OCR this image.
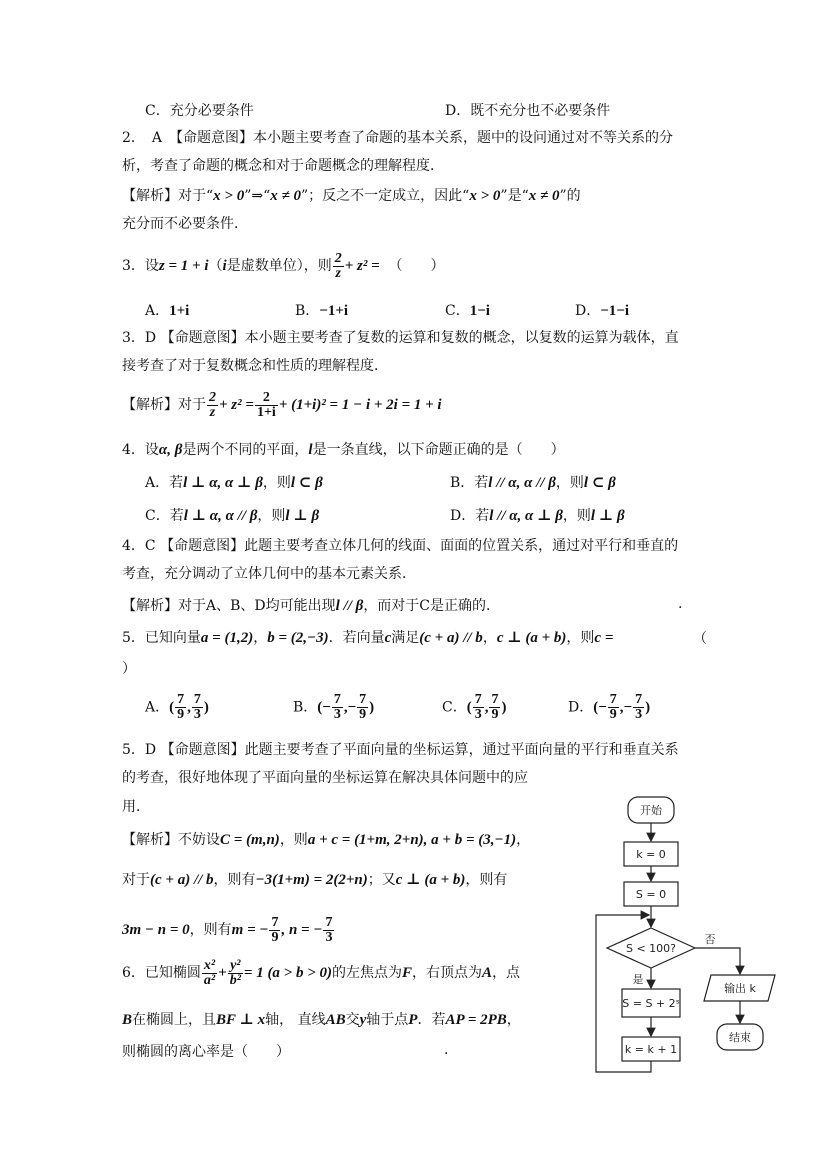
C．充分必要条件	D．既不充分也不必要条件
2．　A　【命题意图】本小题主要考查了命题的基本关系，题中的设问通过对不等关系的分
析，考查了命题的概念和对于命题概念的理解程度．
【解析】对于“x > 0”⇒“x ≠ 0”；反之不一定成立，因此“x > 0”是“x ≠ 0”的
充分而不必要条件．
3．设z = 1 + i（i是虚数单位），则 $\frac{2}{z} + z^2$ = （　　）
A．1+i	B．−1+i	C．1−i	D．−1−i
3．D 【命题意图】本小题主要考查了复数的运算和复数的概念，以复数的运算为载体，直
接考查了对于复数概念和性质的理解程度．
【解析】对于 $\frac{2}{z} + z^2 = \frac{2}{1+i} + (1+i)^2 = 1 - i + 2i = 1 + i$
4．设α, β是两个不同的平面，l是一条直线，以下命题正确的是（　　）
A．若l ⊥ α, α ⊥ β，则l ⊂ β	B．若l // α, α // β，则l ⊂ β
C．若l ⊥ α, α // β，则l ⊥ β	D．若l // α, α ⊥ β，则l ⊥ β
4．C 【命题意图】此题主要考查立体几何的线面、面面的位置关系，通过对平行和垂直的
考查，充分调动了立体几何中的基本元素关系．
【解析】对于A、B、D均可能出现l // β，而对于C是正确的．	.
5．已知向量a = (1,2)，b = (2,−3)．若向量c满足(c + a) // b，c ⊥ (a + b)，则c =	（
）
A．( $\frac{7}{9}$ , $\frac{7}{3}$ )	B．(− $\frac{7}{3}$ ,− $\frac{7}{9}$ )	C．( $\frac{7}{3}$ , $\frac{7}{9}$ )	D．(− $\frac{7}{9}$ ,− $\frac{7}{3}$ )
5．D 【命题意图】此题主要考查了平面向量的坐标运算，通过平面向量的平行和垂直关系
的考查，很好地体现了平面向量的坐标运算在解决具体问题中的应
用．
【解析】不妨设C = (m,n)，则a + c = (1+m, 2+n), a + b = (3,−1)，
对于(c + a) // b，则有−3(1+m) = 2(2+n)；又c ⊥ (a + b)，则有
3m − n = 0，则有m = − $\frac{7}{9}$ , n = − $\frac{7}{3}$
6．已知椭圆 $\frac{\text{x²}}{\text{a²}} + \frac{\text{y²}}{\text{b²}} = 1$ (a > b > 0)的左焦点为F，右顶点为A，点
B在椭圆上，且BF ⊥ x轴， 直线AB交y轴于点P．若AP = 2PB，
则椭圆的离心率是（　　）	.
开始
k = 0
S = 0
S < 100?
是
否
S = S + 2ˢ
k = k + 1
输出 k
结束
